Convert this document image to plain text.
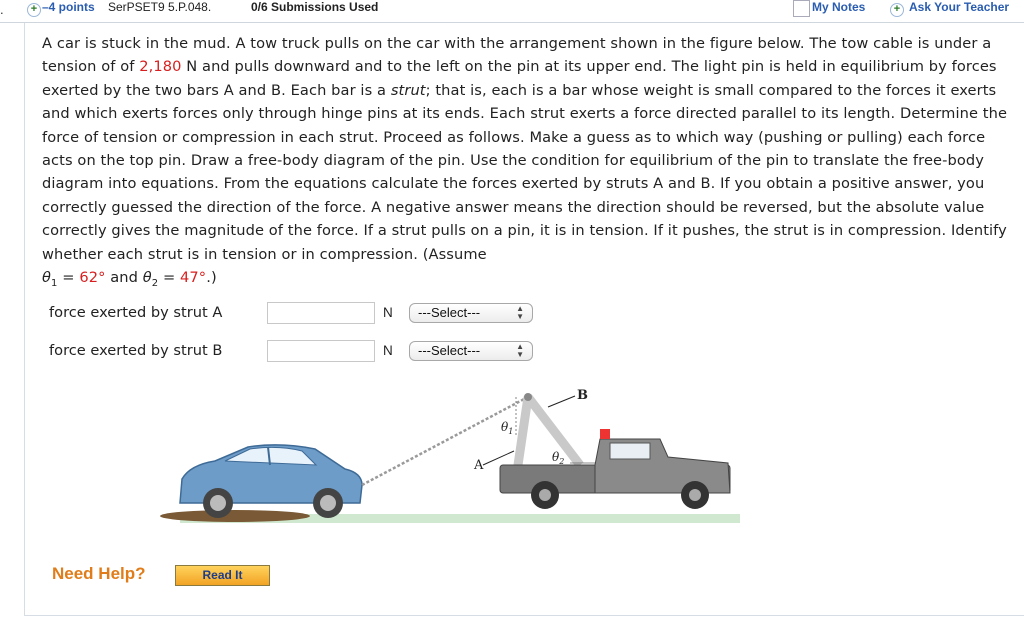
.	+ –4 points SerPSET9 5.P.048.	0/6 Submissions Used	My Notes	+ Ask Your Teacher
A car is stuck in the mud. A tow truck pulls on the car with the arrangement shown in the figure below. The tow cable is under a tension of of 2,180 N and pulls downward and to the left on the pin at its upper end. The light pin is held in equilibrium by forces exerted by the two bars A and B. Each bar is a strut; that is, each is a bar whose weight is small compared to the forces it exerts and which exerts forces only through hinge pins at its ends. Each strut exerts a force directed parallel to its length. Determine the force of tension or compression in each strut. Proceed as follows. Make a guess as to which way (pushing or pulling) each force acts on the top pin. Draw a free-body diagram of the pin. Use the condition for equilibrium of the pin to translate the free-body diagram into equations. From the equations calculate the forces exerted by struts A and B. If you obtain a positive answer, you correctly guessed the direction of the force. A negative answer means the direction should be reversed, but the absolute value correctly gives the magnitude of the force. If a strut pulls on a pin, it is in tension. If it pushes, the strut is in compression. Identify whether each strut is in tension or in compression. (Assume
$\theta_1 = 62^\circ$ and $\theta_2 = 47^\circ$.)
force exerted by strut A	N	---Select---	▲
▼
force exerted by strut B	N	---Select---	▲
▼
B
A
$\theta_1$
$\theta_2$
Need Help?	Read It
